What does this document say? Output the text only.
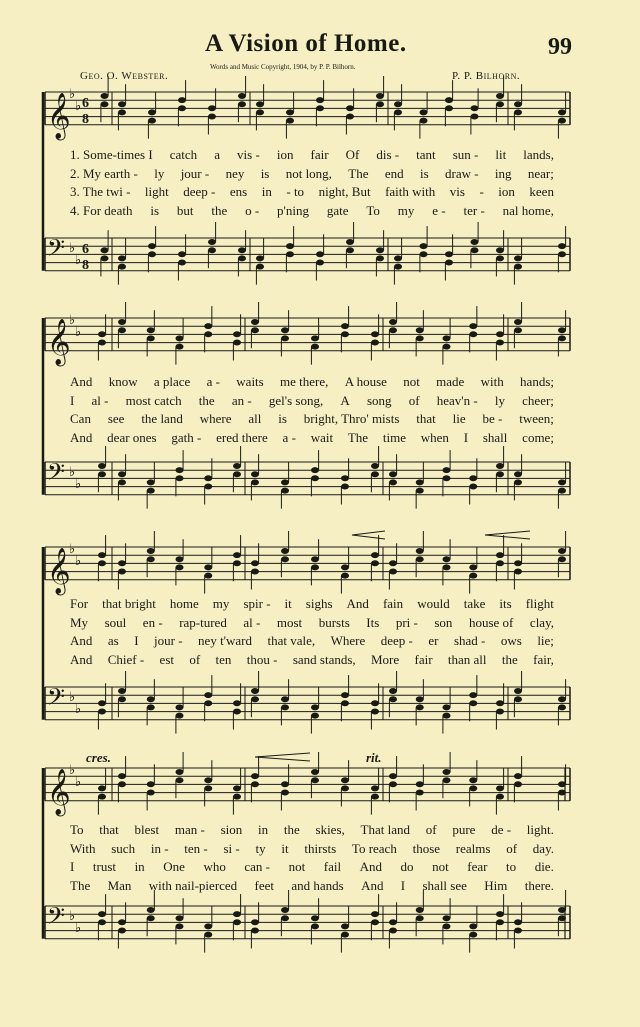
A Vision of Home.	99
Words and Music Copyright, 1904, by P. P. Bilhorn.
Geo. O. Webster.	P. P. Bilhorn.
cres.	rit.
𝄞
♭
♭ 6
8
𝄢 ♭
♭
6
8
𝄞
♭
♭
𝄢 ♭
♭
𝄞
♭
♭
𝄢 ♭
♭
𝄞
♭
♭
𝄢 ♭
♭
1. Some-times I catch a vis - ion fair Of dis - tant sun - lit lands,
2. My earth - ly jour - ney is not long, The end is draw - ing near;
3. The twi - light deep - ens in - to night, But faith with vis - ion keen
4. For death is but the o - p'ning gate To my e - ter - nal home,
And know a place a - waits me there, A house not made with hands;
I al - most catch the an - gel's song, A song of heav'n - ly cheer;
Can see the land where all is bright, Thro' mists that lie be - tween;
And dear ones gath - ered there a - wait The time when I shall come;
For that bright home my spir - it sighs And fain would take its flight
My soul en - rap-tured al - most bursts Its pri - son house of clay,
And as I jour - ney t'ward that vale, Where deep - er shad - ows lie;
And Chief - est of ten thou - sand stands, More fair than all the fair,
To that blest man - sion in the skies, That land of pure de - light.
With such in - ten - si - ty it thirsts To reach those realms of day.
I trust in One who can - not fail And do not fear to die.
The Man with nail-pierced feet and hands And I shall see Him there.
